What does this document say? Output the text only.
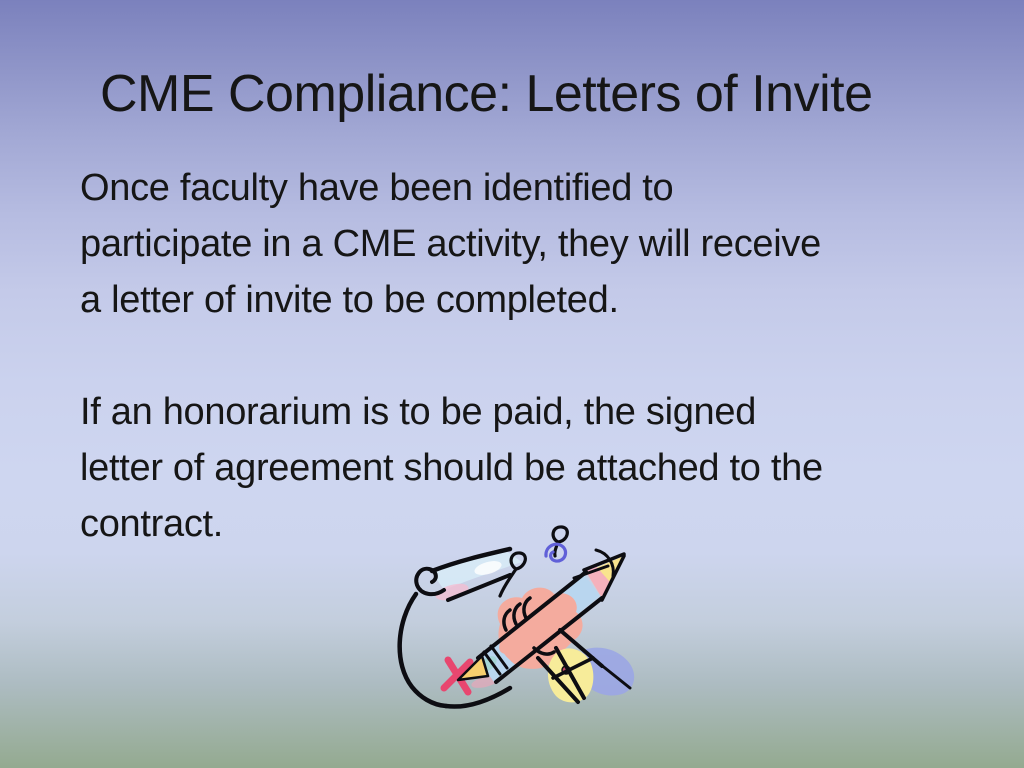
CME Compliance: Letters of Invite
Once faculty have been identified to
participate in a CME activity, they will receive
a letter of invite to be completed.
If an honorarium is to be paid, the signed
letter of agreement should be attached to the
contract.
